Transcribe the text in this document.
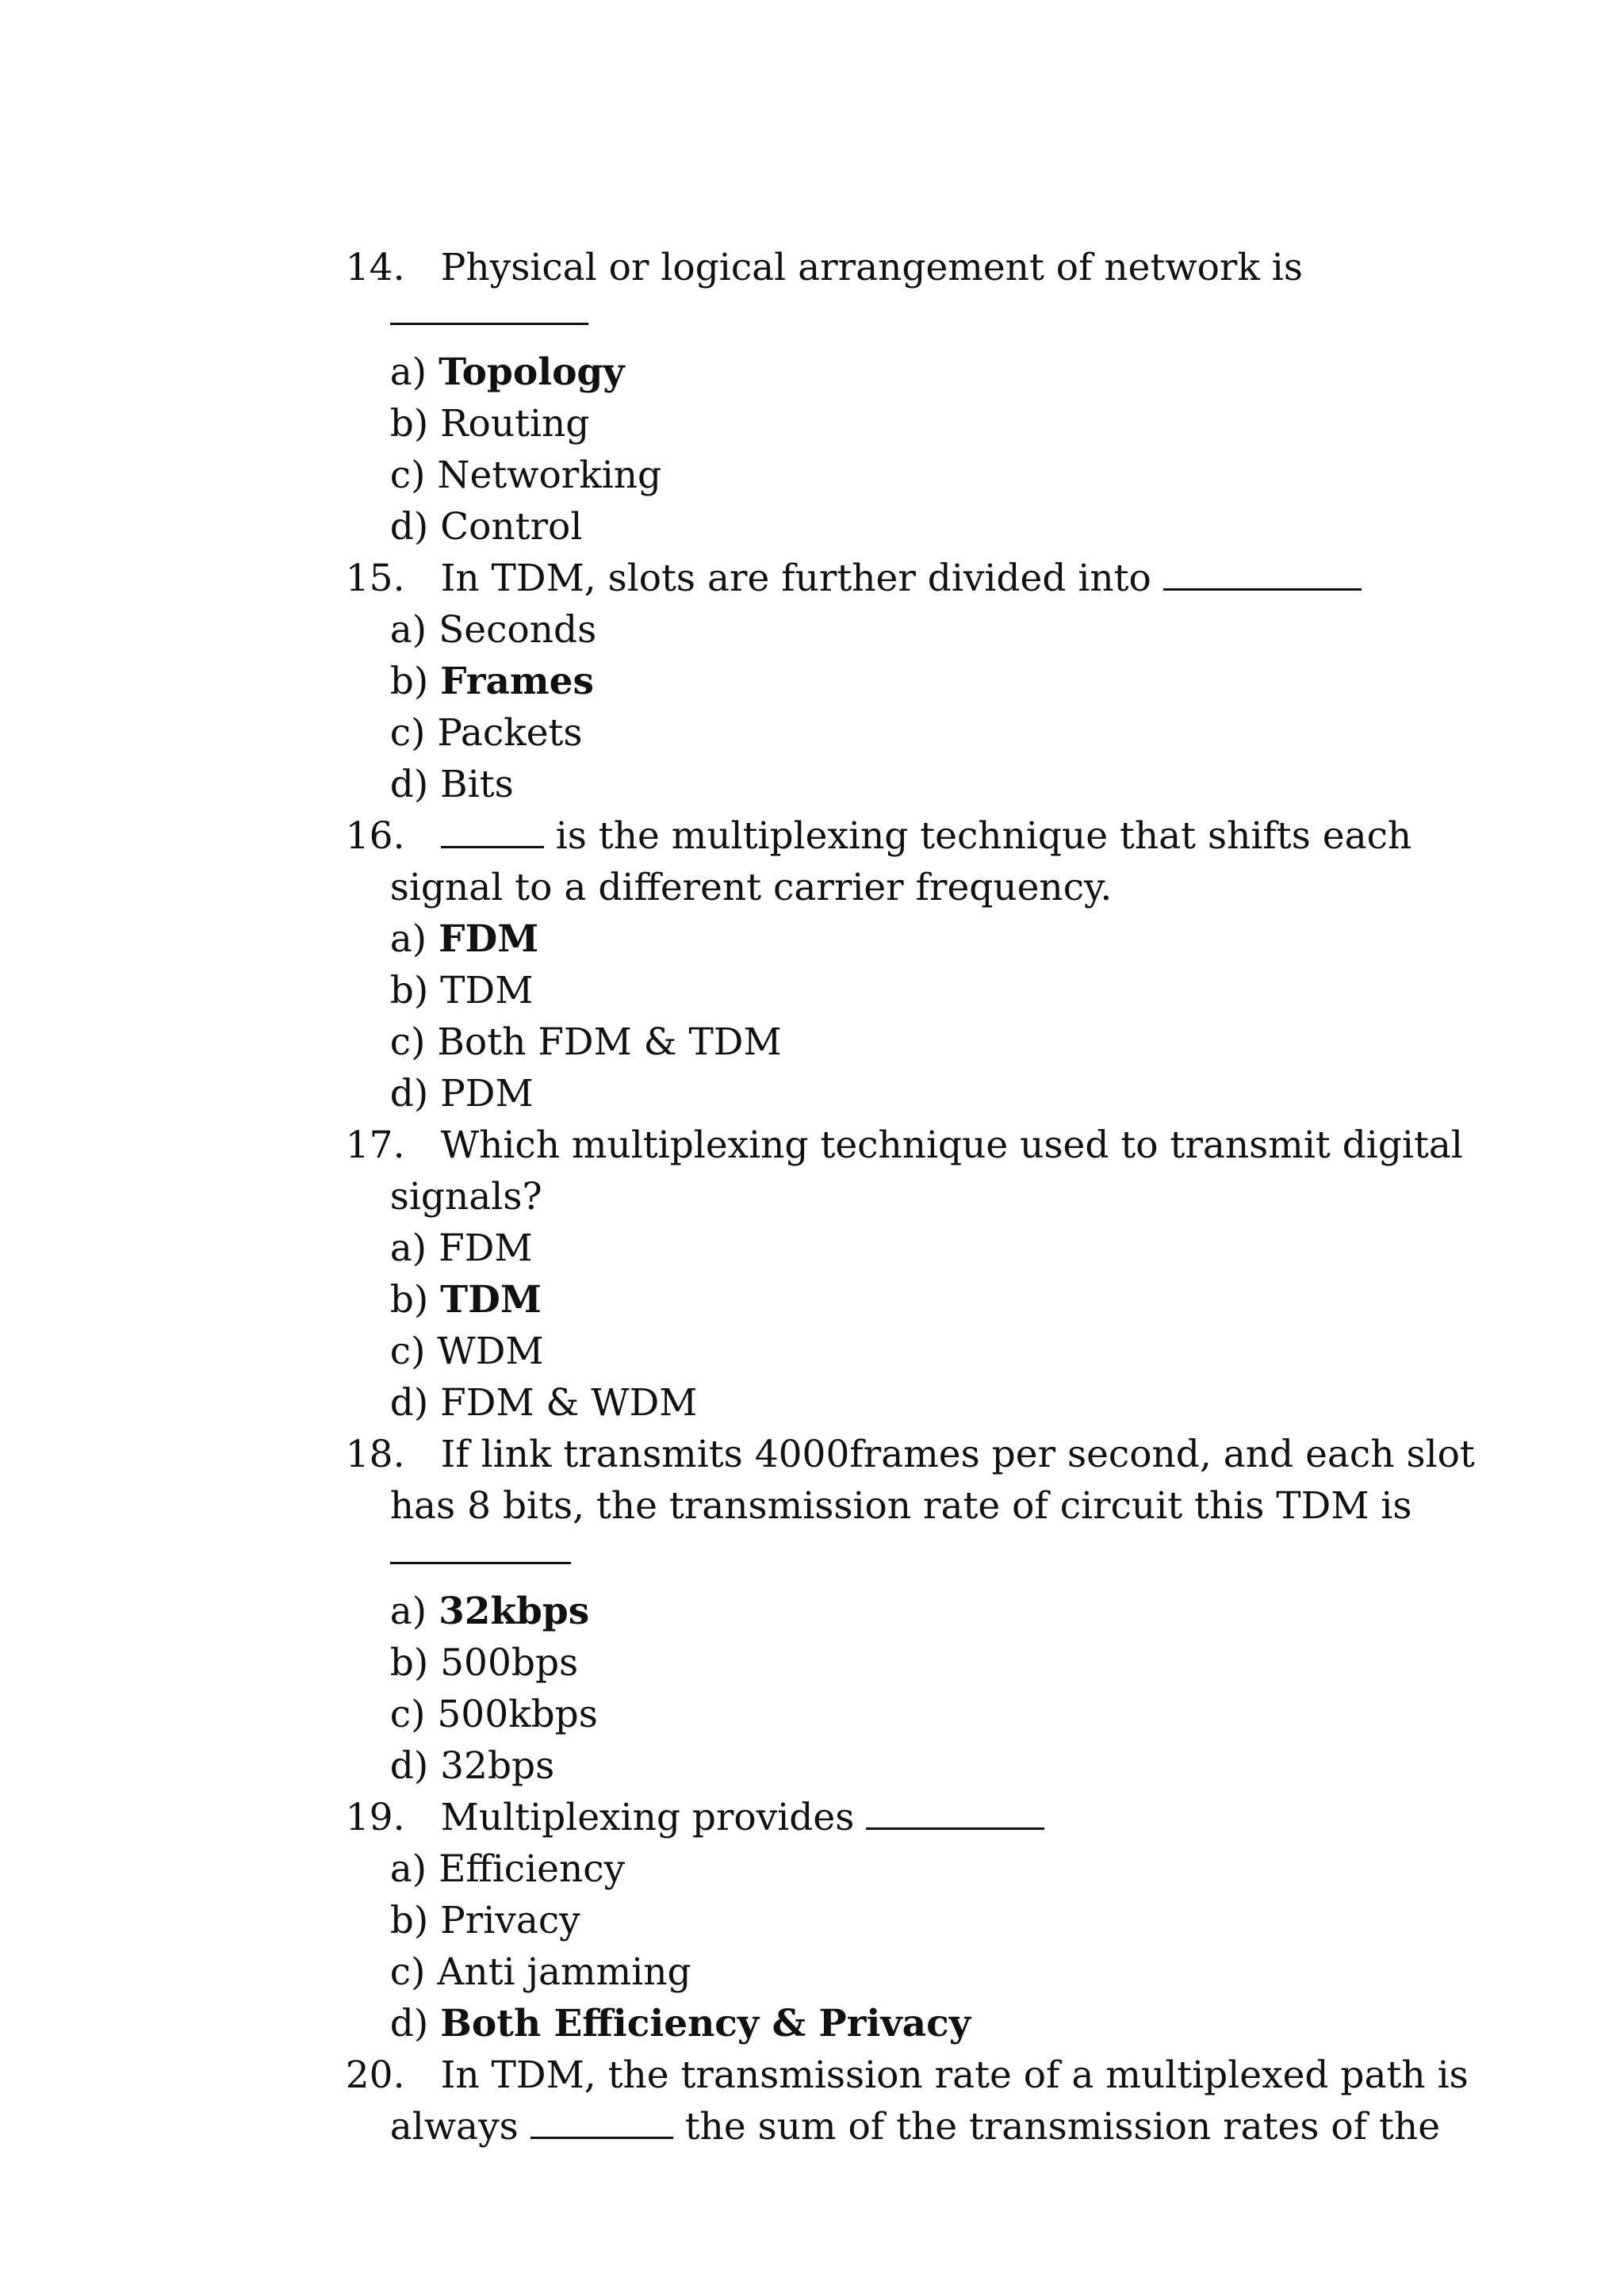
14. Physical or logical arrangement of network is

a) Topology

b) Routing

c) Networking

d) Control

15. In TDM, slots are further divided into

a) Seconds

b) Frames

c) Packets

d) Bits

16.	is the multiplexing technique that shifts each

signal to a different carrier frequency.

a) FDM

b) TDM

c) Both FDM & TDM

d) PDM

17. Which multiplexing technique used to transmit digital

signals?

a) FDM

b) TDM

c) WDM

d) FDM & WDM

18. If link transmits 4000frames per second, and each slot

has 8 bits, the transmission rate of circuit this TDM is

a) 32kbps

b) 500bps

c) 500kbps

d) 32bps

19. Multiplexing provides

a) Efficiency

b) Privacy

c) Anti jamming

d) Both Efficiency & Privacy

20. In TDM, the transmission rate of a multiplexed path is

always	the sum of the transmission rates of the
